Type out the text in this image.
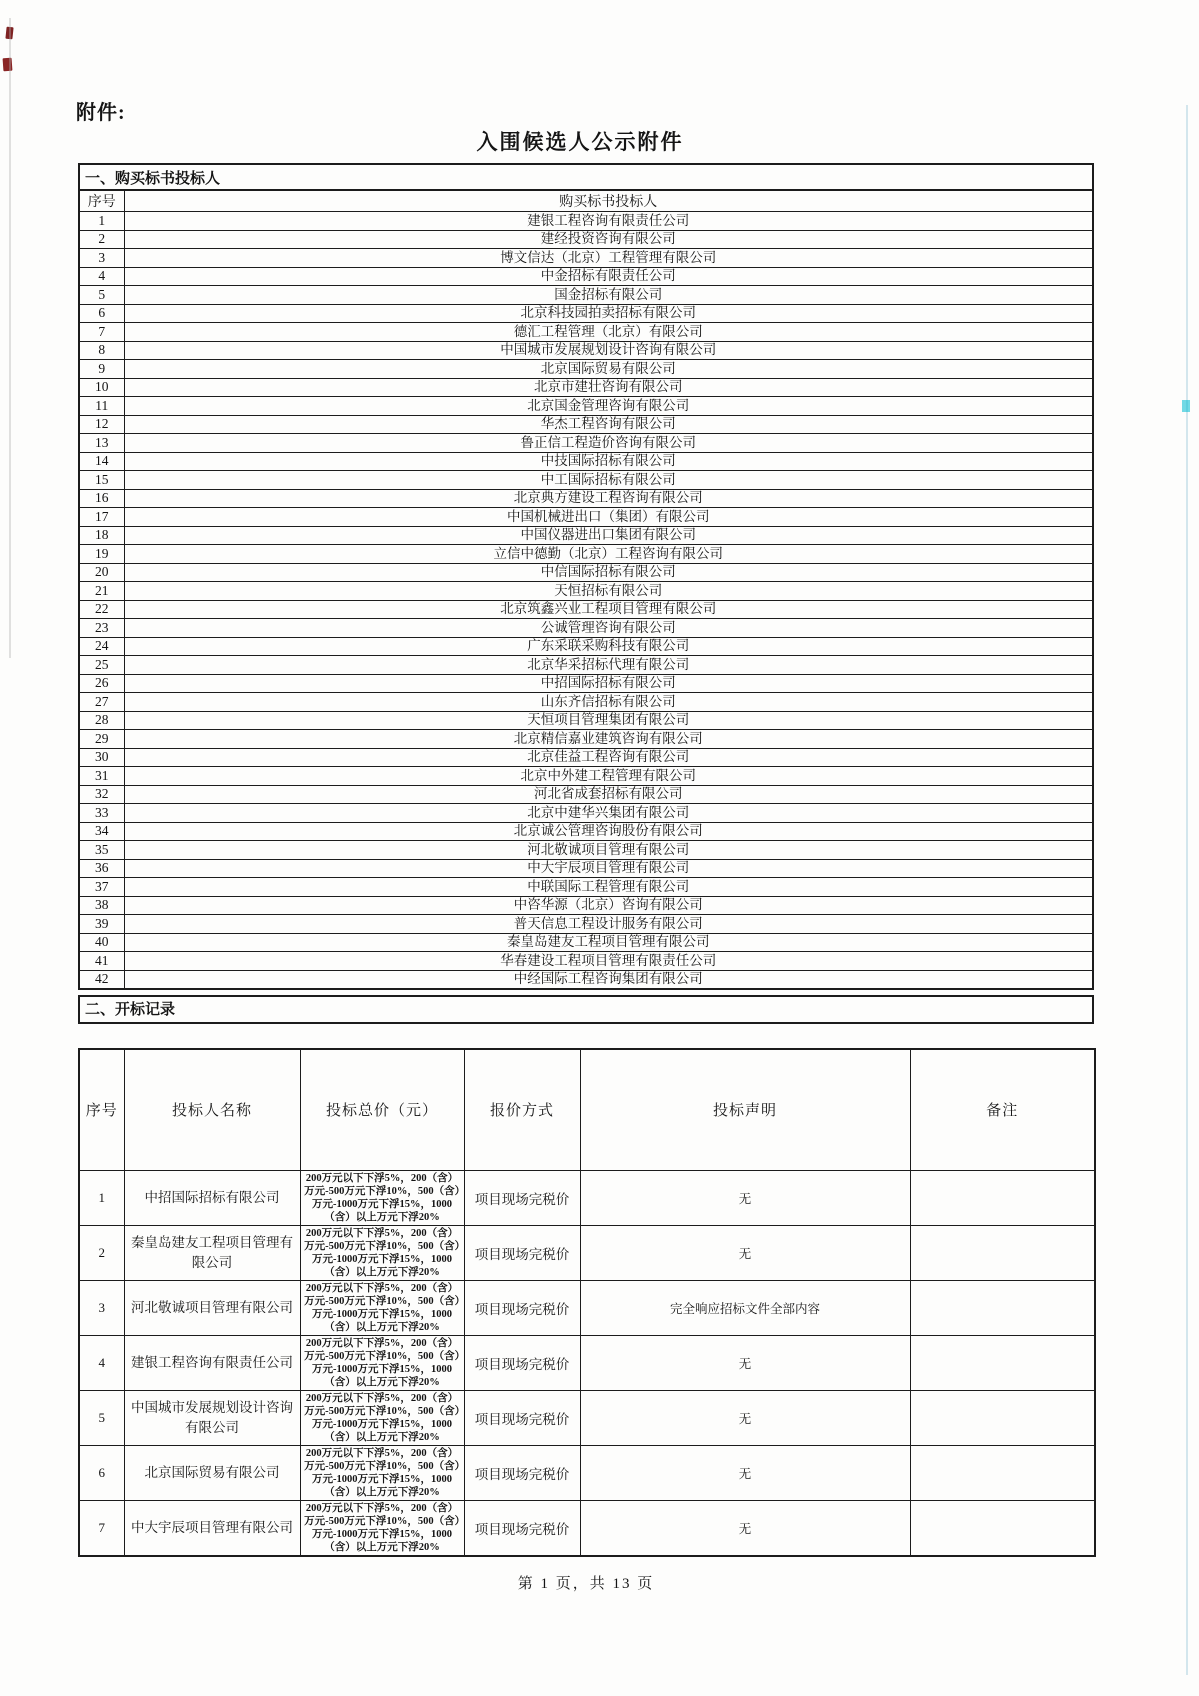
附件:
入围候选人公示附件
一、购买标书投标人	
序号	购买标书投标人
1	建银工程咨询有限责任公司
2	建经投资咨询有限公司
3	博文信达（北京）工程管理有限公司
4	中金招标有限责任公司
5	国金招标有限公司
6	北京科技园拍卖招标有限公司
7	德汇工程管理（北京）有限公司
8	中国城市发展规划设计咨询有限公司
9	北京国际贸易有限公司
10	北京市建壮咨询有限公司
11	北京国金管理咨询有限公司
12	华杰工程咨询有限公司
13	鲁正信工程造价咨询有限公司
14	中技国际招标有限公司
15	中工国际招标有限公司
16	北京典方建设工程咨询有限公司
17	中国机械进出口（集团）有限公司
18	中国仪器进出口集团有限公司
19	立信中德勤（北京）工程咨询有限公司
20	中信国际招标有限公司
21	天恒招标有限公司
22	北京筑鑫兴业工程项目管理有限公司
23	公诚管理咨询有限公司
24	广东采联采购科技有限公司
25	北京华采招标代理有限公司
26	中招国际招标有限公司
27	山东齐信招标有限公司
28	天恒项目管理集团有限公司
29	北京精信嘉业建筑咨询有限公司
30	北京佳益工程咨询有限公司
31	北京中外建工程管理有限公司
32	河北省成套招标有限公司
33	北京中建华兴集团有限公司
34	北京诚公管理咨询股份有限公司
35	河北敬诚项目管理有限公司
36	中大宇辰项目管理有限公司
37	中联国际工程管理有限公司
38	中咨华源（北京）咨询有限公司
39	普天信息工程设计服务有限公司
40	秦皇岛建友工程项目管理有限公司
41	华春建设工程项目管理有限责任公司
42	中经国际工程咨询集团有限公司
二、开标记录
序号	投标人名称	投标总价（元）	报价方式	投标声明	备注
1	中招国际招标有限公司	200万元以下下浮5%，200（含）万元-500万元下浮10%，500（含）万元-1000万元下浮15%，1000（含）以上万元下浮20%	项目现场完税价	无	
2	秦皇岛建友工程项目管理有限公司	200万元以下下浮5%，200（含）万元-500万元下浮10%，500（含）万元-1000万元下浮15%，1000（含）以上万元下浮20%	项目现场完税价	无	
3	河北敬诚项目管理有限公司	200万元以下下浮5%，200（含）万元-500万元下浮10%，500（含）万元-1000万元下浮15%，1000（含）以上万元下浮20%	项目现场完税价	完全响应招标文件全部内容	
4	建银工程咨询有限责任公司	200万元以下下浮5%，200（含）万元-500万元下浮10%，500（含）万元-1000万元下浮15%，1000（含）以上万元下浮20%	项目现场完税价	无	
5	中国城市发展规划设计咨询有限公司	200万元以下下浮5%，200（含）万元-500万元下浮10%，500（含）万元-1000万元下浮15%，1000（含）以上万元下浮20%	项目现场完税价	无	
6	北京国际贸易有限公司	200万元以下下浮5%，200（含）万元-500万元下浮10%，500（含）万元-1000万元下浮15%，1000（含）以上万元下浮20%	项目现场完税价	无	
7	中大宇辰项目管理有限公司	200万元以下下浮5%，200（含）万元-500万元下浮10%，500（含）万元-1000万元下浮15%，1000（含）以上万元下浮20%	项目现场完税价	无	
第 1 页，共 13 页
